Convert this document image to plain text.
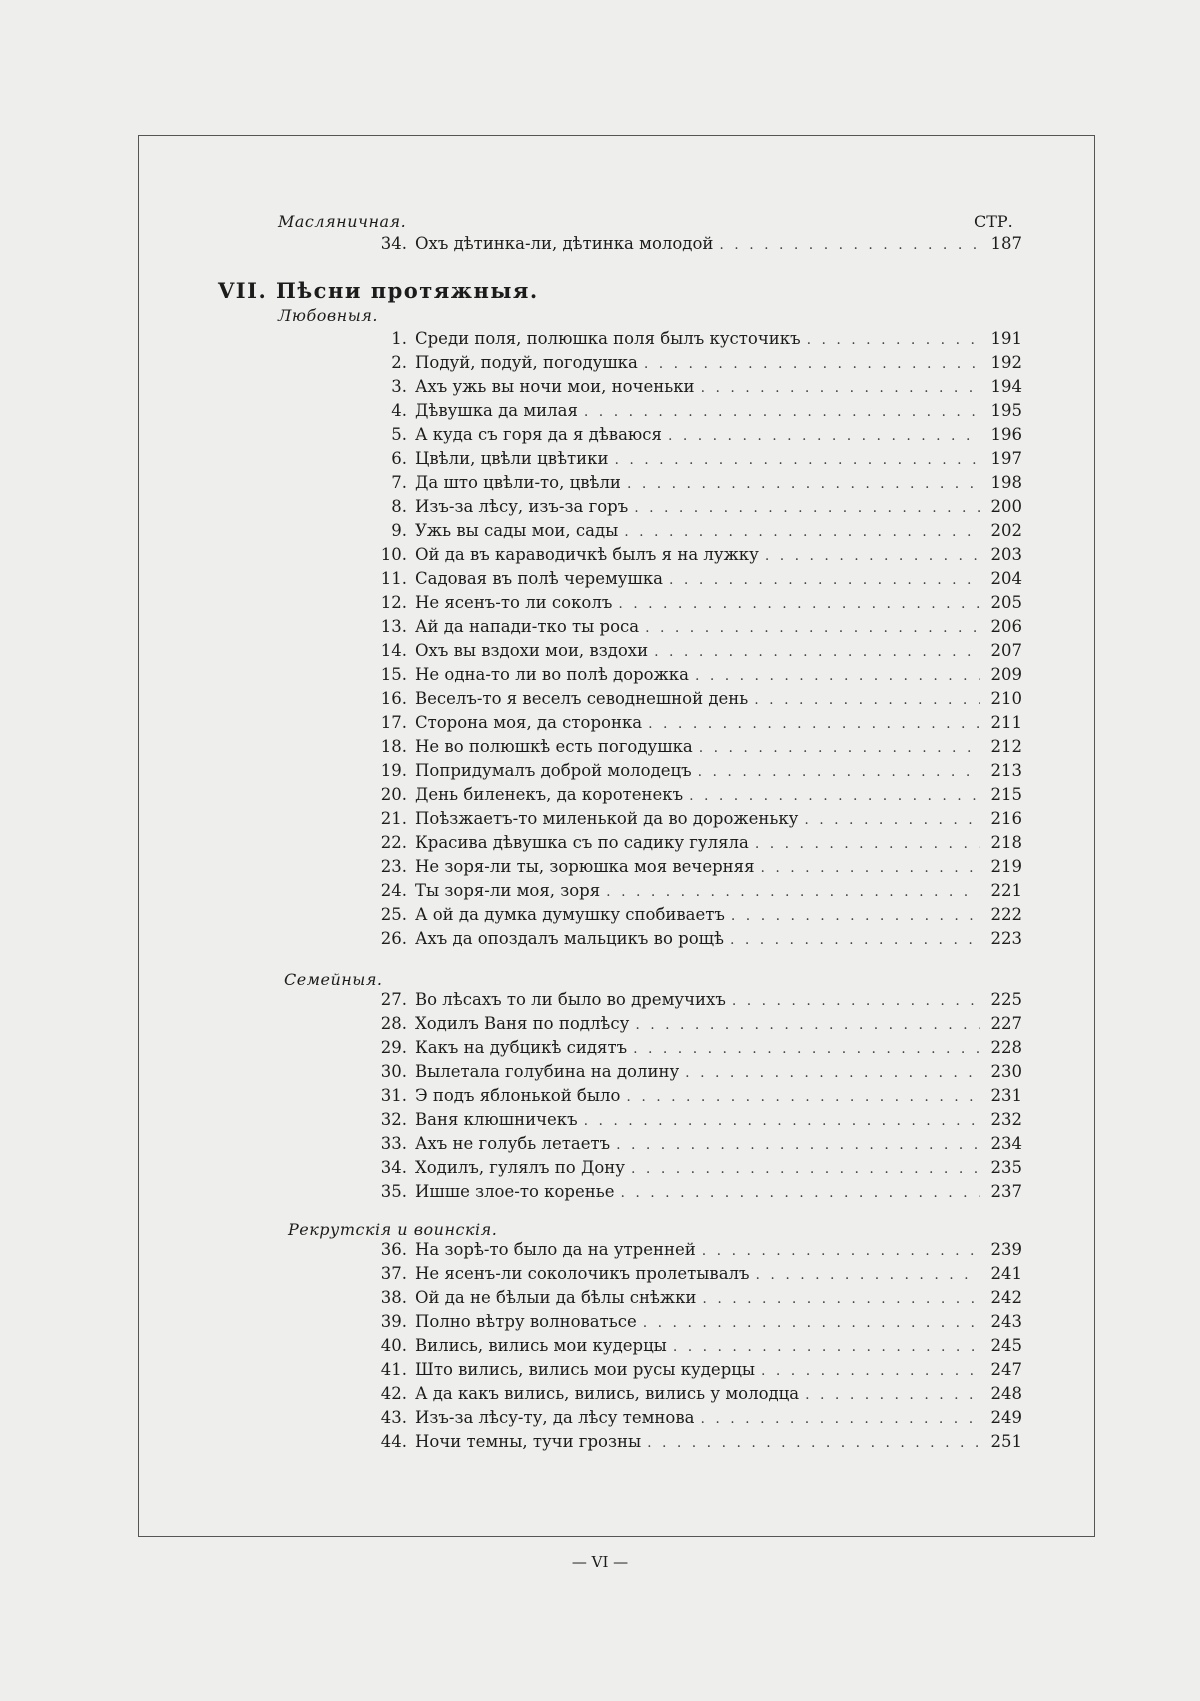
Масляничная.	СТР.
34. Охъ дѣтинка-ли, дѣтинка молодой . . .	187
VII. Пѣсни протяжныя.
Любовныя.
1. Среди поля, полюшка поля былъ кусточикъ . . .	191
2. Подуй, подуй, погодушка . . .	192
3. Ахъ ужь вы ночи мои, ноченьки . . .	194
4. Дѣвушка да милая . . .	195
5. А куда съ горя да я дѣваюся . . .	196
6. Цвѣли, цвѣли цвѣтики . . .	197
7. Да што цвѣли-то, цвѣли . . .	198
8. Изъ-за лѣсу, изъ-за горъ . . .	200
9. Ужь вы сады мои, сады . . .	202
10. Ой да въ караводичкѣ былъ я на лужку . . .	203
11. Садовая въ полѣ черемушка . . .	204
12. Не ясенъ-то ли соколъ . . .	205
13. Ай да напади-тко ты роса . . .	206
14. Охъ вы вздохи мои, вздохи . . .	207
15. Не одна-то ли во полѣ дорожка . . .	209
16. Веселъ-то я веселъ севоднешной день . . .	210
17. Сторона моя, да сторонка . . .	211
18. Не во полюшкѣ есть погодушка . . .	212
19. Попридумалъ доброй молодецъ . . .	213
20. День биленекъ, да коротенекъ . . .	215
21. Поѣзжаетъ-то миленькой да во дороженьку . . .	216
22. Красива дѣвушка съ по садику гуляла . . .	218
23. Не зоря-ли ты, зорюшка моя вечерняя . . .	219
24. Ты зоря-ли моя, зоря . . .	221
25. А ой да думка думушку спобиваетъ . . .	222
26. Ахъ да опоздалъ мальцикъ во рощѣ . . .	223
Семейныя.
27. Во лѣсахъ то ли было во дремучихъ . . .	225
28. Ходилъ Ваня по подлѣсу . . .	227
29. Какъ на дубцикѣ сидятъ . . .	228
30. Вылетала голубина на долину . . .	230
31. Э подъ яблонькой было . . .	231
32. Ваня клюшничекъ . . .	232
33. Ахъ не голубь летаетъ . . .	234
34. Ходилъ, гулялъ по Дону . . .	235
35. Ишше злое-то коренье . . .	237
Рекрутскія и воинскія.
36. На зорѣ-то было да на утренней . . .	239
37. Не ясенъ-ли соколочикъ пролетывалъ . . .	241
38. Ой да не бѣлыи да бѣлы снѣжки . . .	242
39. Полно вѣтру волноватьсе . . .	243
40. Вились, вились мои кудерцы . . .	245
41. Што вились, вились мои русы кудерцы . . .	247
42. А да какъ вились, вились, вились у молодца . . .	248
43. Изъ-за лѣсу-ту, да лѣсу темнова . . .	249
44. Ночи темны, тучи грозны . . .	251
— VI —
